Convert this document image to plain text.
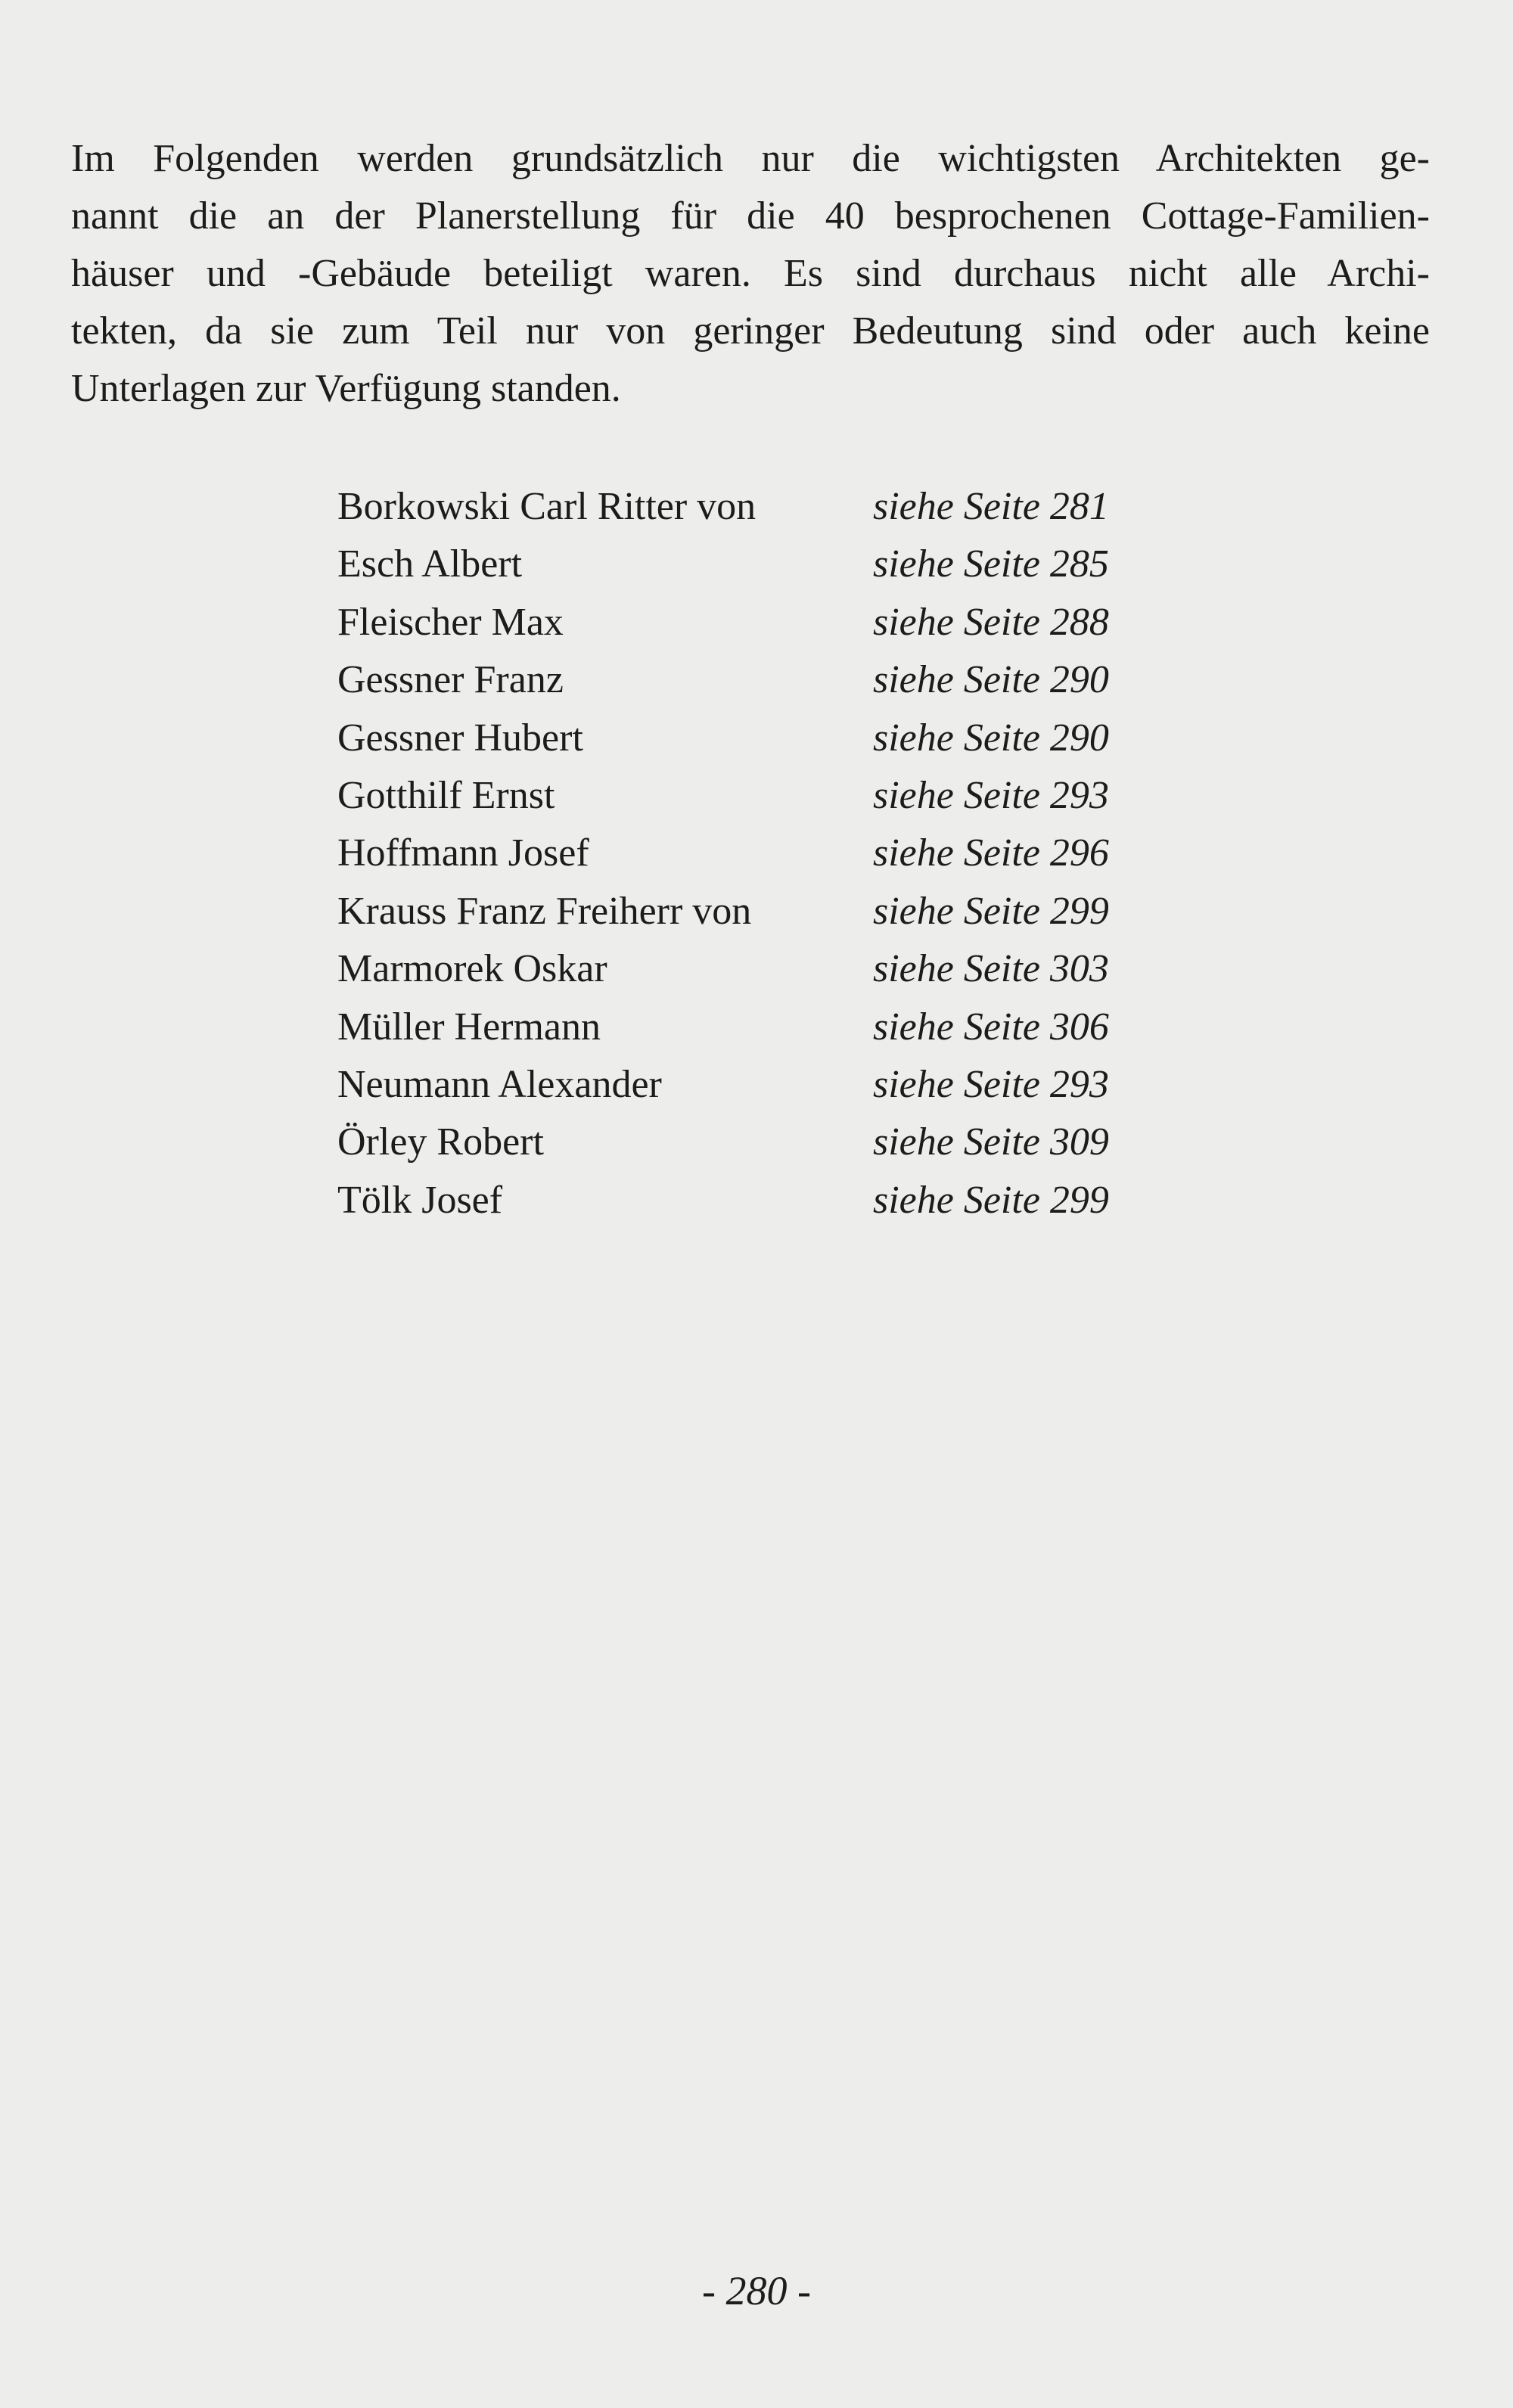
Im Folgenden werden grundsätzlich nur die wichtigsten Architekten ge-
nannt die an der Planerstellung für die 40 besprochenen Cottage-Familien-
häuser und -Gebäude beteiligt waren. Es sind durchaus nicht alle Archi-
tekten, da sie zum Teil nur von geringer Bedeutung sind oder auch keine
Unterlagen zur Verfügung standen.
Borkowski Carl Ritter von	siehe Seite 281
Esch Albert	siehe Seite 285
Fleischer Max	siehe Seite 288
Gessner Franz	siehe Seite 290
Gessner Hubert	siehe Seite 290
Gotthilf Ernst	siehe Seite 293
Hoffmann Josef	siehe Seite 296
Krauss Franz Freiherr von	siehe Seite 299
Marmorek Oskar	siehe Seite 303
Müller Hermann	siehe Seite 306
Neumann Alexander	siehe Seite 293
Örley Robert	siehe Seite 309
Tölk Josef	siehe Seite 299
- 280 -
